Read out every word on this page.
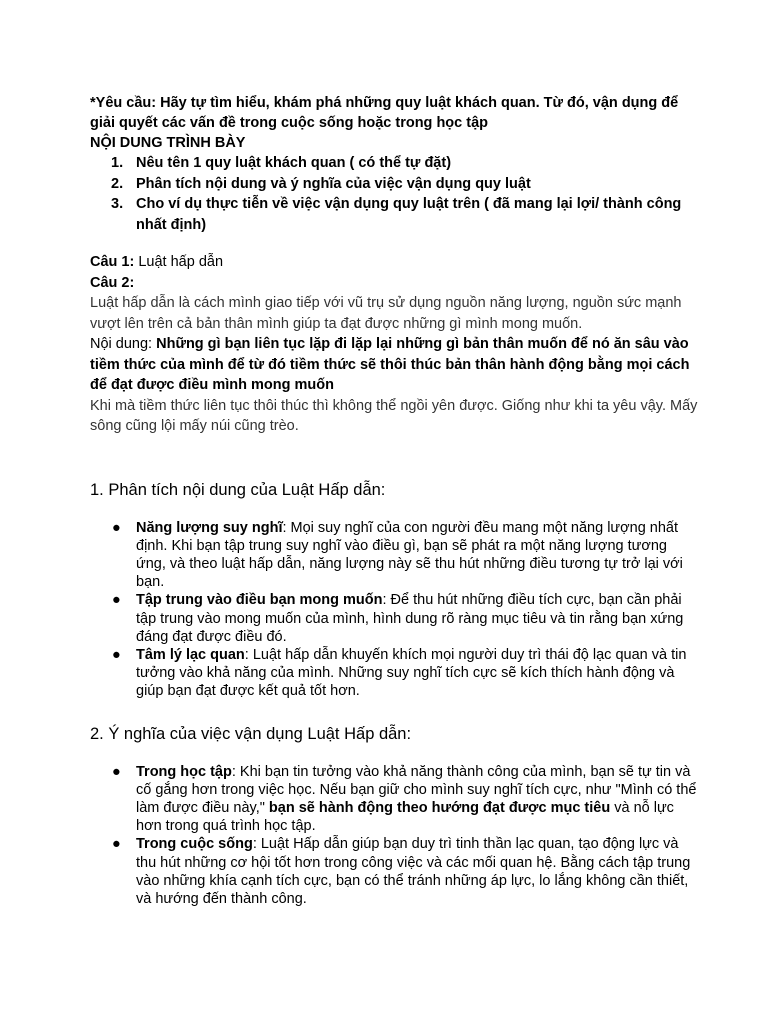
*Yêu cầu: Hãy tự tìm hiểu, khám phá những quy luật khách quan. Từ đó, vận dụng để giải quyết các vấn đề trong cuộc sống hoặc trong học tập
NỘI DUNG TRÌNH BÀY
1. Nêu tên 1 quy luật khách quan ( có thể tự đặt)
2. Phân tích nội dung và ý nghĩa của việc vận dụng quy luật
3. Cho ví dụ thực tiễn về việc vận dụng quy luật trên ( đã mang lại lợi/ thành công nhất định)
Câu 1: Luật hấp dẫn
Câu 2:
Luật hấp dẫn là cách mình giao tiếp với vũ trụ sử dụng nguồn năng lượng, nguồn sức mạnh vượt lên trên cả bản thân mình giúp ta đạt được những gì mình mong muốn.
Nội dung: Những gì bạn liên tục lặp đi lặp lại những gì bản thân muốn để nó ăn sâu vào tiềm thức của mình để từ đó tiềm thức sẽ thôi thúc bản thân hành động bằng mọi cách để đạt được điều mình mong muốn
Khi mà tiềm thức liên tục thôi thúc thì không thể ngồi yên được. Giống như khi ta yêu vậy. Mấy sông cũng lội mấy núi cũng trèo.
1. Phân tích nội dung của Luật Hấp dẫn:
● Năng lượng suy nghĩ: Mọi suy nghĩ của con người đều mang một năng lượng nhất định. Khi bạn tập trung suy nghĩ vào điều gì, bạn sẽ phát ra một năng lượng tương ứng, và theo luật hấp dẫn, năng lượng này sẽ thu hút những điều tương tự trở lại với bạn.
● Tập trung vào điều bạn mong muốn: Để thu hút những điều tích cực, bạn cần phải tập trung vào mong muốn của mình, hình dung rõ ràng mục tiêu và tin rằng bạn xứng đáng đạt được điều đó.
● Tâm lý lạc quan: Luật hấp dẫn khuyến khích mọi người duy trì thái độ lạc quan và tin tưởng vào khả năng của mình. Những suy nghĩ tích cực sẽ kích thích hành động và giúp bạn đạt được kết quả tốt hơn.
2. Ý nghĩa của việc vận dụng Luật Hấp dẫn:
● Trong học tập: Khi bạn tin tưởng vào khả năng thành công của mình, bạn sẽ tự tin và cố gắng hơn trong việc học. Nếu bạn giữ cho mình suy nghĩ tích cực, như "Mình có thể làm được điều này," bạn sẽ hành động theo hướng đạt được mục tiêu và nỗ lực hơn trong quá trình học tập.
● Trong cuộc sống: Luật Hấp dẫn giúp bạn duy trì tinh thần lạc quan, tạo động lực và thu hút những cơ hội tốt hơn trong công việc và các mối quan hệ. Bằng cách tập trung vào những khía cạnh tích cực, bạn có thể tránh những áp lực, lo lắng không cần thiết, và hướng đến thành công.
